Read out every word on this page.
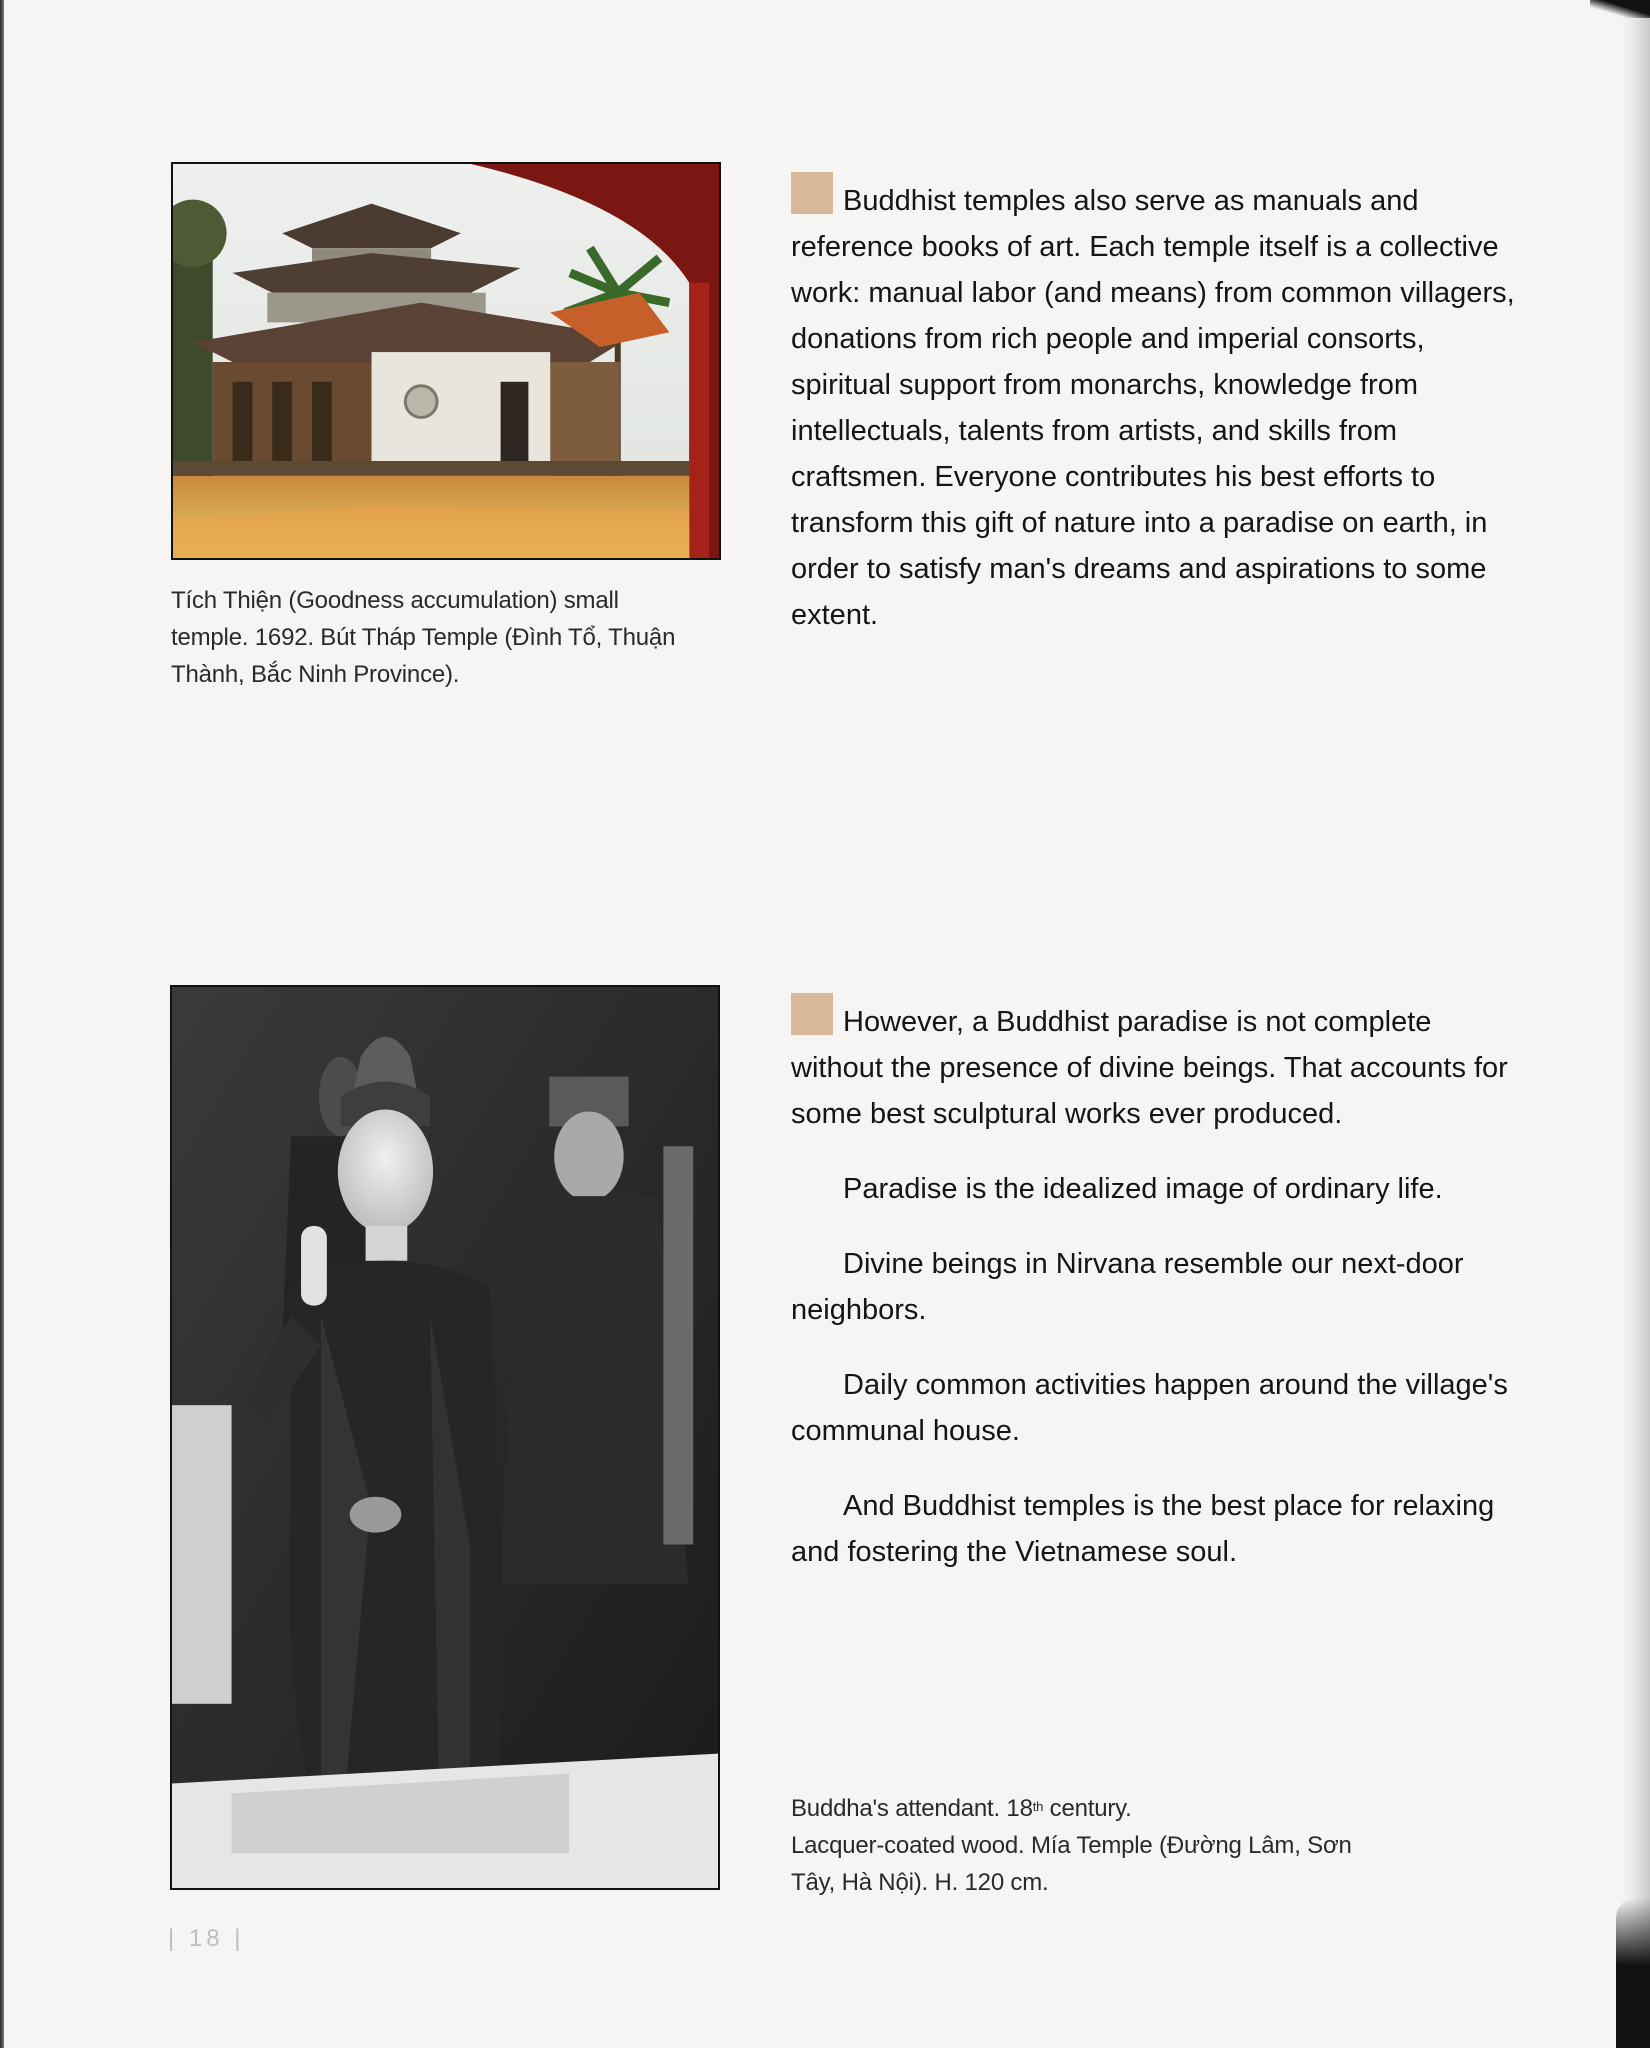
Tích Thiện (Goodness accumulation) small temple. 1692. Bút Tháp Temple (Đình Tổ, Thuận Thành, Bắc Ninh Province).

Buddhist temples also serve as manuals and reference books of art. Each temple itself is a collective work: manual labor (and means) from common villagers, donations from rich people and imperial consorts, spiritual support from monarchs, knowledge from intellectuals, talents from artists, and skills from craftsmen. Everyone contributes his best efforts to transform this gift of nature into a paradise on earth, in order to satisfy man's dreams and aspirations to some extent.

However, a Buddhist paradise is not complete without the presence of divine beings. That accounts for some best sculptural works ever produced.

Paradise is the idealized image of ordinary life.

Divine beings in Nirvana resemble our next-door neighbors.

Daily common activities happen around the village's communal house.

And Buddhist temples is the best place for relaxing and fostering the Vietnamese soul.

Buddha's attendant. 18th century.
Lacquer-coated wood. Mía Temple (Đường Lâm, Sơn Tây, Hà Nội). H. 120 cm.
| 18 |
